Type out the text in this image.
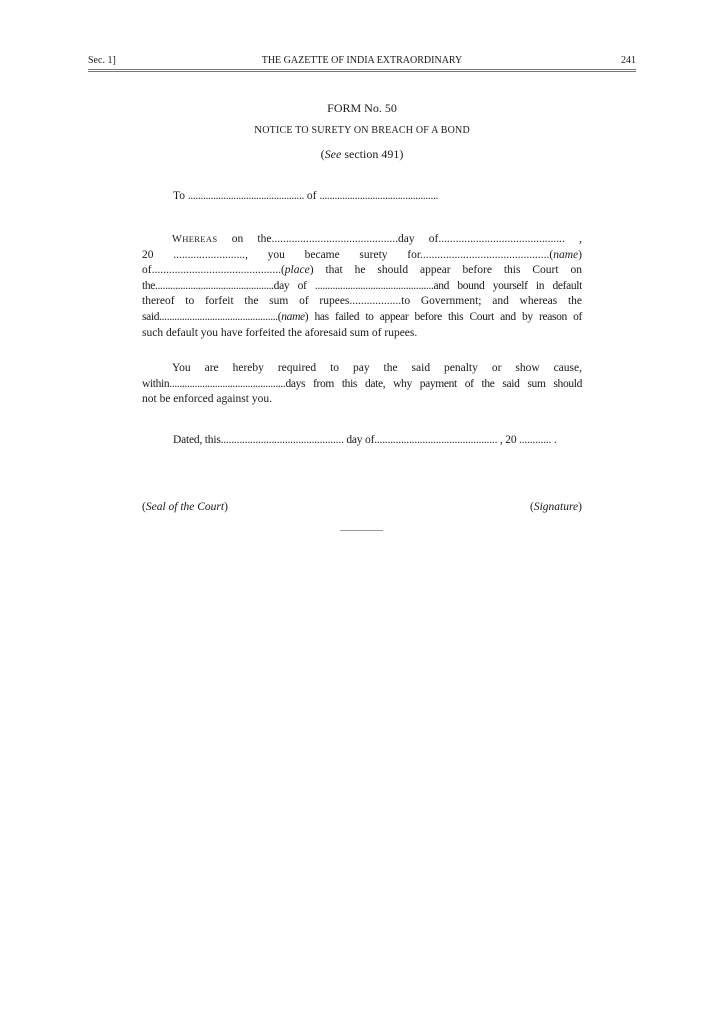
Sec. 1]	THE GAZETTE OF INDIA EXTRAORDINARY	241
FORM No. 50
NOTICE TO SURETY ON BREACH OF A BOND
(See section 491)
To .............................................. of ...............................................
WHEREAS on the............................................day of............................................ ,
20 ........................., you became surety for.............................................(name)
of.............................................(place) that he should appear before this Court on
the...............................................day of ...............................................and bound yourself in default
thereof to forfeit the sum of rupees..................to Government; and whereas the
said...............................................(name) has failed to appear before this Court and by reason of
such default you have forfeited the aforesaid sum of rupees.
You are hereby required to pay the said penalty or show cause,
within..............................................days from this date, why payment of the said sum should
not be enforced against you.
Dated, this.............................................. day of.............................................. , 20 ............ .
(Seal of the Court)	(Signature)
